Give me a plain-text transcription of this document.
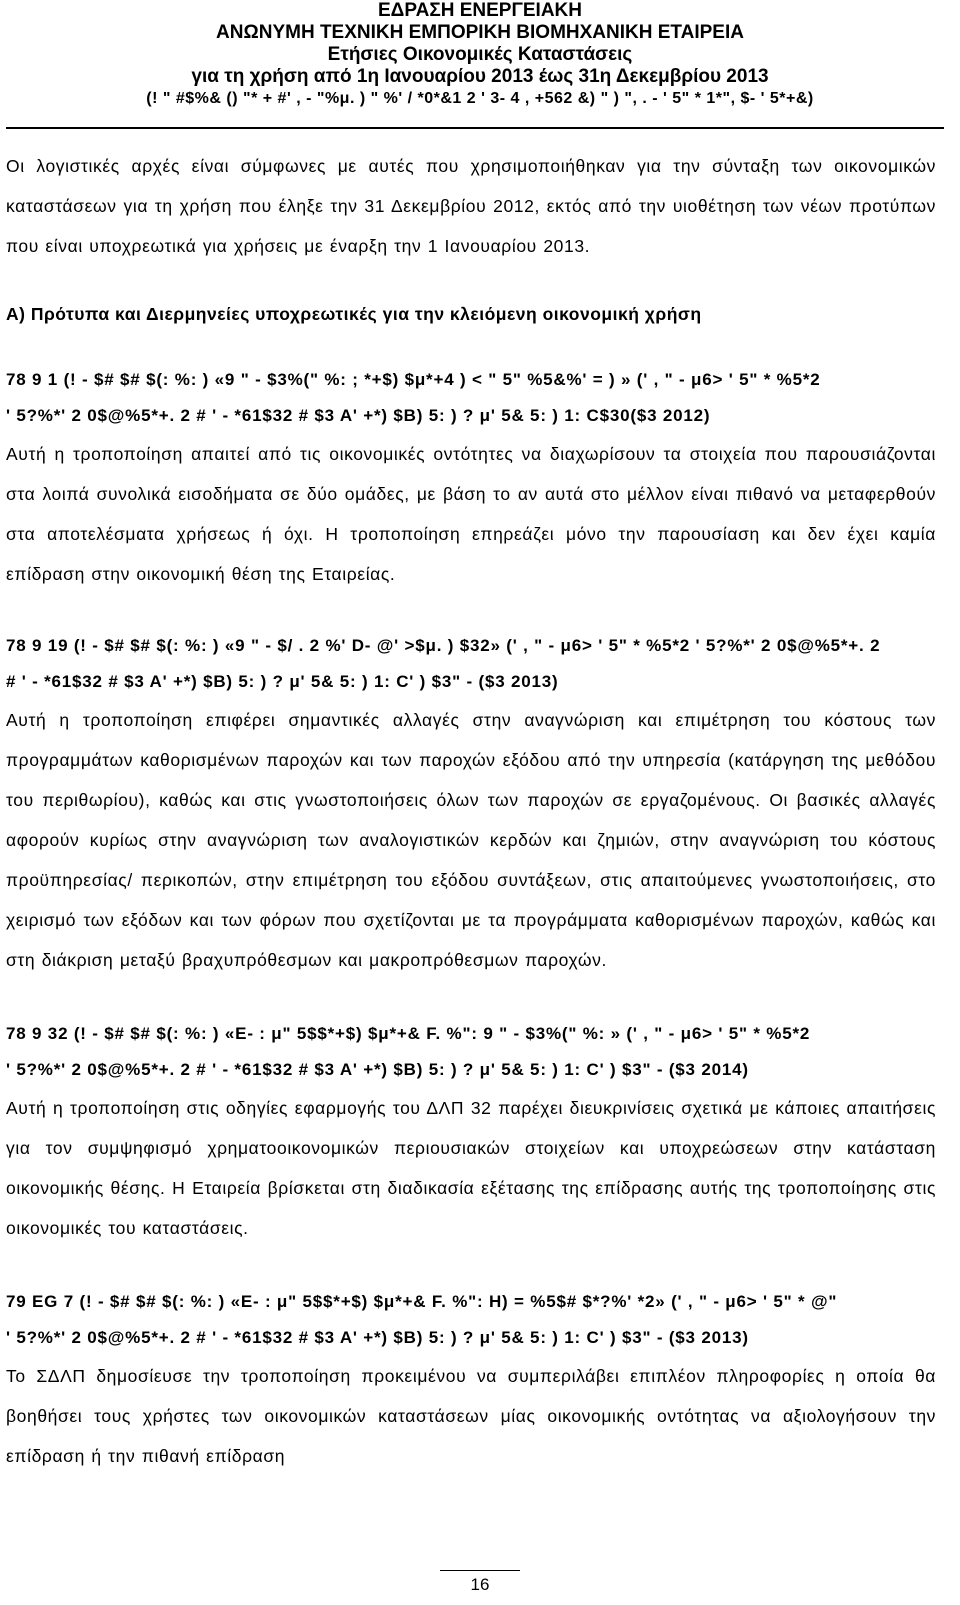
ΕΔΡΑΣΗ ΕΝΕΡΓΕΙΑΚΗ
ΑΝΩΝΥΜΗ ΤΕΧΝΙΚΗ ΕΜΠΟΡΙΚΗ ΒΙΟΜΗΧΑΝΙΚΗ ΕΤΑΙΡΕΙΑ
Ετήσιες Οικονομικές Καταστάσεις
για τη χρήση από 1η Ιανουαρίου 2013 έως 31η Δεκεμβρίου 2013
(! " #$%& () "* + #' , - "%μ. ) " %' / *0*&1 2 ' 3- 4 , +562 &) " ) ", . - ' 5" * 1*", $- ' 5*+&)

Οι λογιστικές αρχές είναι σύμφωνες με αυτές που χρησιμοποιήθηκαν για την σύνταξη των οικονομικών καταστάσεων για τη χρήση που έληξε την 31 Δεκεμβρίου 2012, εκτός από την υιοθέτηση των νέων προτύπων που είναι υποχρεωτικά για χρήσεις με έναρξη την 1 Ιανουαρίου 2013.

Α) Πρότυπα και Διερμηνείες υποχρεωτικές για την κλειόμενη οικονομική χρήση

78 9 1 (! - $# $# $(: %: ) «9 " - $3%(" %: ; *+$) $μ*+4 ) < " 5" %5&%' = ) » (' , " - μ6> ' 5" * %5*2

' 5?%*' 2 0$@%5*+. 2 # ' - *61$32 # $3 A' +*) $B) 5: ) ? μ' 5& 5: ) 1: C$30($3 2012)

Αυτή η τροποποίηση απαιτεί από τις οικονομικές οντότητες να διαχωρίσουν τα στοιχεία που παρουσιάζονται στα λοιπά συνολικά εισοδήματα σε δύο ομάδες, με βάση το αν αυτά στο μέλλον είναι πιθανό να μεταφερθούν στα αποτελέσματα χρήσεως ή όχι. Η τροποποίηση επηρεάζει μόνο την παρουσίαση και δεν έχει καμία επίδραση στην οικονομική θέση της Εταιρείας.

78 9 19 (! - $# $# $(: %: ) «9 " - $/ . 2 %' D- @' >$μ. ) $32» (' , " - μ6> ' 5" * %5*2 ' 5?%*' 2 0$@%5*+. 2

# ' - *61$32 # $3 A' +*) $B) 5: ) ? μ' 5& 5: ) 1: C' ) $3" - ($3 2013)

Αυτή η τροποποίηση επιφέρει σημαντικές αλλαγές στην αναγνώριση και επιμέτρηση του κόστους των προγραμμάτων καθορισμένων παροχών και των παροχών εξόδου από την υπηρεσία (κατάργηση της μεθόδου του περιθωρίου), καθώς και στις γνωστοποιήσεις όλων των παροχών σε εργαζομένους. Οι βασικές αλλαγές αφορούν κυρίως στην αναγνώριση των αναλογιστικών κερδών και ζημιών, στην αναγνώριση του κόστους προϋπηρεσίας/ περικοπών, στην επιμέτρηση του εξόδου συντάξεων, στις απαιτούμενες γνωστοποιήσεις, στο χειρισμό των εξόδων και των φόρων που σχετίζονται με τα προγράμματα καθορισμένων παροχών, καθώς και στη διάκριση μεταξύ βραχυπρόθεσμων και μακροπρόθεσμων παροχών.

78 9 32 (! - $# $# $(: %: ) «E- : μ" 5$$*+$) $μ*+& F. %": 9 " - $3%(" %: » (' , " - μ6> ' 5" * %5*2

' 5?%*' 2 0$@%5*+. 2 # ' - *61$32 # $3 A' +*) $B) 5: ) ? μ' 5& 5: ) 1: C' ) $3" - ($3 2014)

Αυτή η τροποποίηση στις οδηγίες εφαρμογής του ΔΛΠ 32 παρέχει διευκρινίσεις σχετικά με κάποιες απαιτήσεις για τον συμψηφισμό χρηματοοικονομικών περιουσιακών στοιχείων και υποχρεώσεων στην κατάσταση οικονομικής θέσης. Η Εταιρεία βρίσκεται στη διαδικασία εξέτασης της επίδρασης αυτής της τροποποίησης στις οικονομικές του καταστάσεις.

79 EG 7 (! - $# $# $(: %: ) «E- : μ" 5$$*+$) $μ*+& F. %": H) = %5$# $*?%' *2» (' , " - μ6> ' 5" * @"

' 5?%*' 2 0$@%5*+. 2 # ' - *61$32 # $3 A' +*) $B) 5: ) ? μ' 5& 5: ) 1: C' ) $3" - ($3 2013)

Το ΣΔΛΠ δημοσίευσε την τροποποίηση προκειμένου να συμπεριλάβει επιπλέον πληροφορίες η οποία θα βοηθήσει τους χρήστες των οικονομικών καταστάσεων μίας οικονομικής οντότητας να αξιολογήσουν την επίδραση ή την πιθανή επίδραση

16
